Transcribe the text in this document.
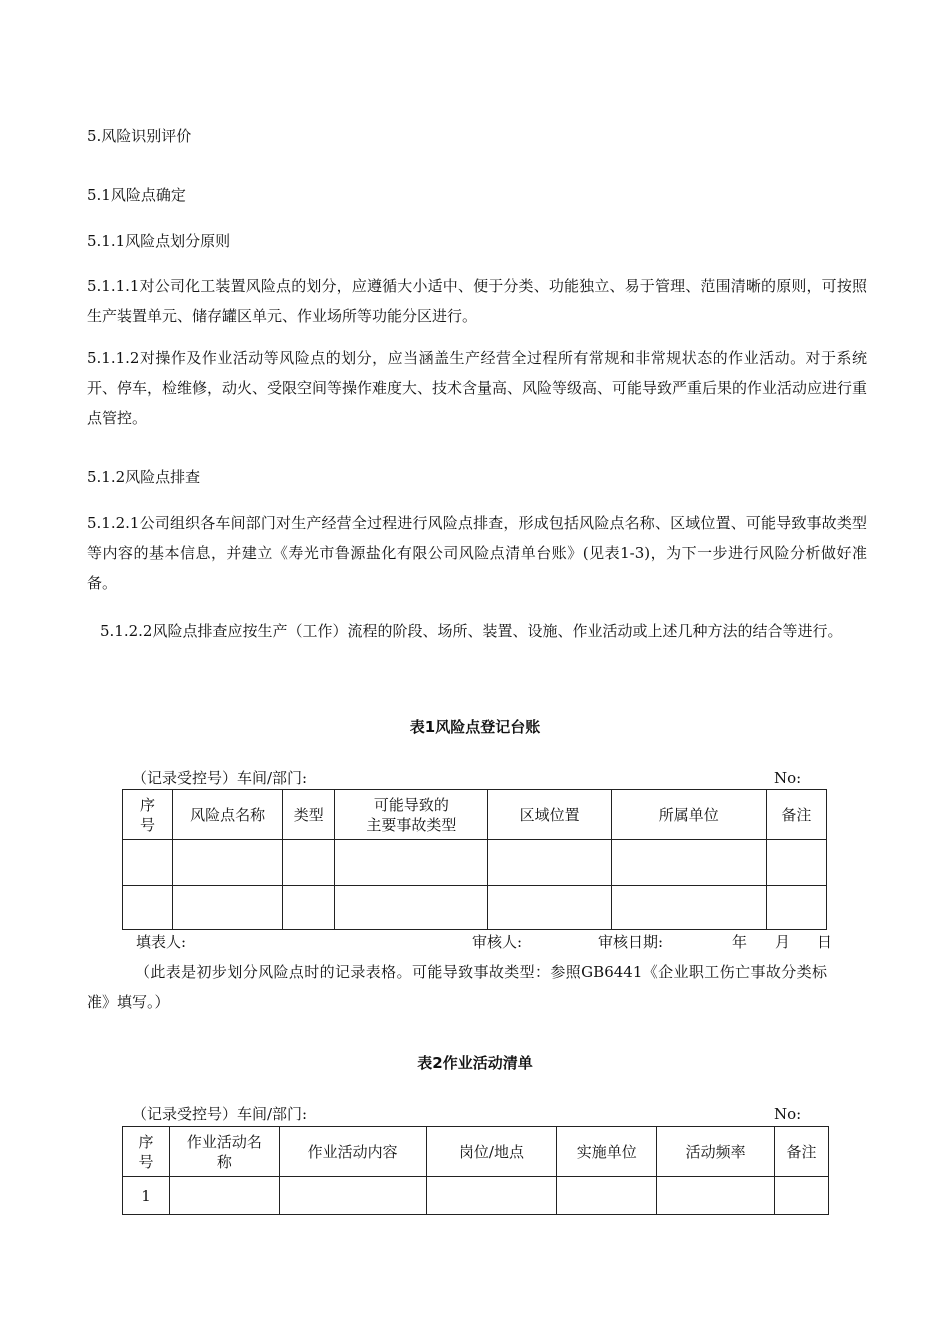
5.风险识别评价
5.1风险点确定
5.1.1风险点划分原则
5.1.1.1对公司化工装置风险点的划分，应遵循大小适中、便于分类、功能独立、易于管理、范围清晰的原则，可按照生产装置单元、储存罐区单元、作业场所等功能分区进行。
5.1.1.2对操作及作业活动等风险点的划分，应当涵盖生产经营全过程所有常规和非常规状态的作业活动。对于系统开、停车，检维修，动火、受限空间等操作难度大、技术含量高、风险等级高、可能导致严重后果的作业活动应进行重点管控。
5.1.2风险点排查
5.1.2.1公司组织各车间部门对生产经营全过程进行风险点排查，形成包括风险点名称、区域位置、可能导致事故类型等内容的基本信息，并建立《寿光市鲁源盐化有限公司风险点清单台账》(见表1-3)，为下一步进行风险分析做好准备。
5.1.2.2风险点排查应按生产（工作）流程的阶段、场所、装置、设施、作业活动或上述几种方法的结合等进行。
表1风险点登记台账
（记录受控号）车间/部门:	No:
序
号	风险点名称	类型	可能导致的
主要事故类型	区域位置	所属单位	备注

填表人:	审核人:	审核日期:	年 月 日
（此表是初步划分风险点时的记录表格。可能导致事故类型：参照GB6441《企业职工伤亡事故分类标准》填写。）
表2作业活动清单
（记录受控号）车间/部门:	No:
序
号	作业活动名
称	作业活动内容	岗位/地点	实施单位	活动频率	备注
1						
